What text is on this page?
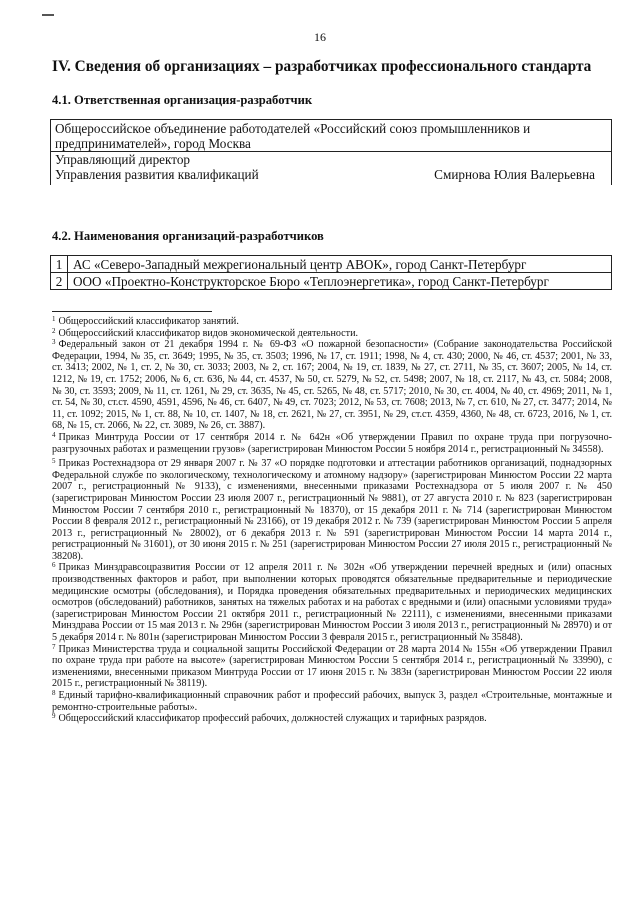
16
IV. Сведения об организациях – разработчиках профессионального стандарта
4.1. Ответственная организация-разработчик
Общероссийское объединение работодателей «Российский союз промышленников и предпринимателей», город Москва

Управляющий директор
Управления развития квалификаций	Смирнова Юлия Валерьевна
4.2. Наименования организаций-разработчиков
1	АС «Северо-Западный межрегиональный центр АВОК», город Санкт-Петербург
2	ООО «Проектно-Конструкторское Бюро «Теплоэнергетика», город Санкт-Петербург

$^1$ Общероссийский классификатор занятий.

$^2$ Общероссийский классификатор видов экономической деятельности.

$^3$ Федеральный закон от 21 декабря 1994 г. № 69-ФЗ «О пожарной безопасности» (Собрание законодательства Российской Федерации, 1994, № 35, ст. 3649; 1995, № 35, ст. 3503; 1996, № 17, ст. 1911; 1998, № 4, ст. 430; 2000, № 46, ст. 4537; 2001, № 33, ст. 3413; 2002, № 1, ст. 2, № 30, ст. 3033; 2003, № 2, ст. 167; 2004, № 19, ст. 1839, № 27, ст. 2711, № 35, ст. 3607; 2005, № 14, ст. 1212, № 19, ст. 1752; 2006, № 6, ст. 636, № 44, ст. 4537, № 50, ст. 5279, № 52, ст. 5498; 2007, № 18, ст. 2117, № 43, ст. 5084; 2008, № 30, ст. 3593; 2009, № 11, ст. 1261, № 29, ст. 3635, № 45, ст. 5265, № 48, ст. 5717; 2010, № 30, ст. 4004, № 40, ст. 4969; 2011, № 1, ст. 54, № 30, ст.ст. 4590, 4591, 4596, № 46, ст. 6407, № 49, ст. 7023; 2012, № 53, ст. 7608; 2013, № 7, ст. 610, № 27, ст. 3477; 2014, № 11, ст. 1092; 2015, № 1, ст. 88, № 10, ст. 1407, № 18, ст. 2621, № 27, ст. 3951, № 29, ст.ст. 4359, 4360, № 48, ст. 6723, 2016, № 1, ст. 68, № 15, ст. 2066, № 22, ст. 3089, № 26, ст. 3887).

$^4$ Приказ Минтруда России от 17 сентября 2014 г. № 642н «Об утверждении Правил по охране труда при погрузочно-разгрузочных работах и размещении грузов» (зарегистрирован Минюстом России 5 ноября 2014 г., регистрационный № 34558).

$^5$ Приказ Ростехнадзора от 29 января 2007 г. № 37 «О порядке подготовки и аттестации работников организаций, поднадзорных Федеральной службе по экологическому, технологическому и атомному надзору» (зарегистрирован Минюстом России 22 марта 2007 г., регистрационный № 9133), с изменениями, внесенными приказами Ростехнадзора от 5 июля 2007 г. № 450 (зарегистрирован Минюстом России 23 июля 2007 г., регистрационный № 9881), от 27 августа 2010 г. № 823 (зарегистрирован Минюстом России 7 сентября 2010 г., регистрационный № 18370), от 15 декабря 2011 г. № 714 (зарегистрирован Минюстом России 8 февраля 2012 г., регистрационный № 23166), от 19 декабря 2012 г. № 739 (зарегистрирован Минюстом России 5 апреля 2013 г., регистрационный № 28002), от 6 декабря 2013 г. № 591 (зарегистрирован Минюстом России 14 марта 2014 г., регистрационный № 31601), от 30 июня 2015 г. № 251 (зарегистрирован Минюстом России 27 июля 2015 г., регистрационный № 38208).

$^6$ Приказ Минздравсоцразвития России от 12 апреля 2011 г. № 302н «Об утверждении перечней вредных и (или) опасных производственных факторов и работ, при выполнении которых проводятся обязательные предварительные и периодические медицинские осмотры (обследования), и Порядка проведения обязательных предварительных и периодических медицинских осмотров (обследований) работников, занятых на тяжелых работах и на работах с вредными и (или) опасными условиями труда» (зарегистрирован Минюстом России 21 октября 2011 г., регистрационный № 22111), с изменениями, внесенными приказами Минздрава России от 15 мая 2013 г. № 296н (зарегистрирован Минюстом России 3 июля 2013 г., регистрационный № 28970) и от 5 декабря 2014 г. № 801н (зарегистрирован Минюстом России 3 февраля 2015 г., регистрационный № 35848).

$^7$ Приказ Министерства труда и социальной защиты Российской Федерации от 28 марта 2014 № 155н «Об утверждении Правил по охране труда при работе на высоте» (зарегистрирован Минюстом России 5 сентября 2014 г., регистрационный № 33990), с изменениями, внесенными приказом Минтруда России от 17 июня 2015 г. № 383н (зарегистрирован Минюстом России 22 июля 2015 г., регистрационный № 38119).

$^8$ Единый тарифно-квалификационный справочник работ и профессий рабочих, выпуск 3, раздел «Строительные, монтажные и ремонтно-строительные работы».

$^9$ Общероссийский классификатор профессий рабочих, должностей служащих и тарифных разрядов.
